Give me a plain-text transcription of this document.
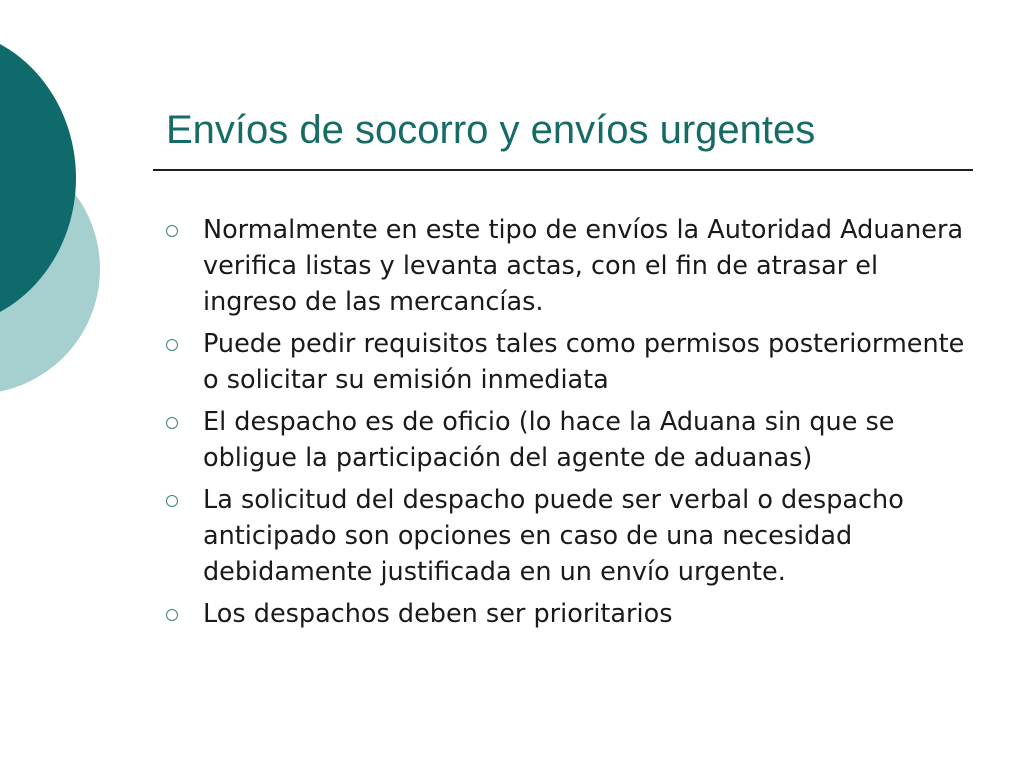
Envíos de socorro y envíos urgentes
Normalmente en este tipo de envíos la Autoridad Aduanera verifica listas y levanta actas, con el fin de atrasar el ingreso de las mercancías.
Puede pedir requisitos tales como permisos posteriormente o solicitar su emisión inmediata
El despacho es de oficio (lo hace la Aduana sin que se obligue la participación del agente de aduanas)
La solicitud del despacho puede ser verbal o despacho anticipado son opciones en caso de una necesidad debidamente justificada en un envío urgente.
Los despachos deben ser prioritarios
